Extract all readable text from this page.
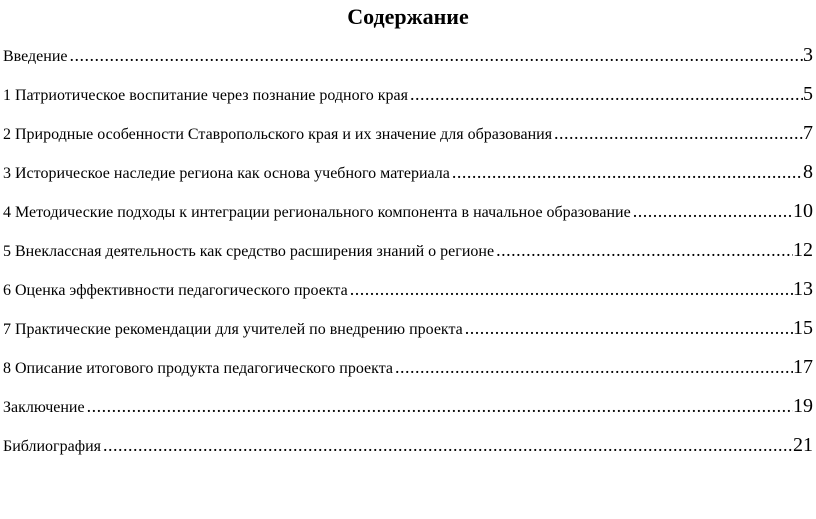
Содержание
Введение .....	3
1 Патриотическое воспитание через познание родного края .....	5
2 Природные особенности Ставропольского края и их значение для образования .....	7
3 Историческое наследие региона как основа учебного материала .....	8
4 Методические подходы к интеграции регионального компонента в начальное образование .....	10
5 Внеклассная деятельность как средство расширения знаний о регионе .....	12
6 Оценка эффективности педагогического проекта .....	13
7 Практические рекомендации для учителей по внедрению проекта .....	15
8 Описание итогового продукта педагогического проекта .....	17
Заключение .....	19
Библиография .....	21
